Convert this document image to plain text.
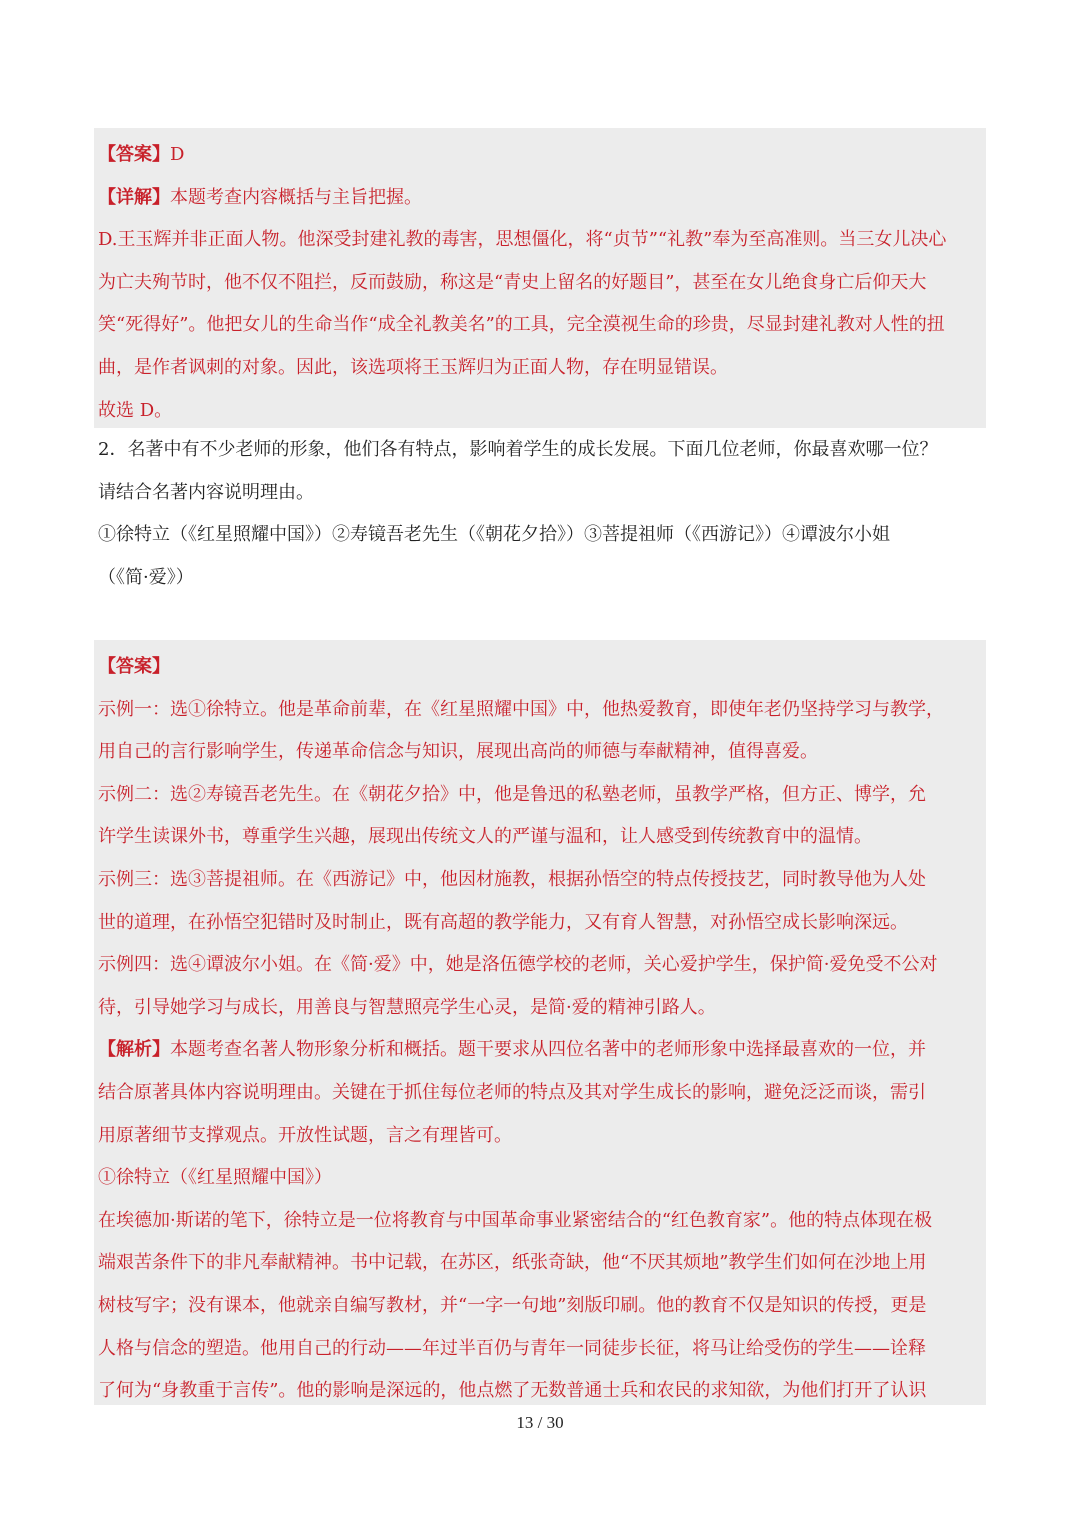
【答案】D
【详解】本题考查内容概括与主旨把握。
D.王玉辉并非正面人物。他深受封建礼教的毒害，思想僵化，将“贞节”“礼教”奉为至高准则。当三女儿决心
为亡夫殉节时，他不仅不阻拦，反而鼓励，称这是“青史上留名的好题目”，甚至在女儿绝食身亡后仰天大
笑“死得好”。他把女儿的生命当作“成全礼教美名”的工具，完全漠视生命的珍贵，尽显封建礼教对人性的扭
曲，是作者讽刺的对象。因此，该选项将王玉辉归为正面人物，存在明显错误。
故选 D。
2．名著中有不少老师的形象，他们各有特点，影响着学生的成长发展。下面几位老师，你最喜欢哪一位？
请结合名著内容说明理由。
①徐特立（《红星照耀中国》）②寿镜吾老先生（《朝花夕拾》）③菩提祖师（《西游记》）④谭波尔小姐
（《简·爱》）
【答案】
示例一：选①徐特立。他是革命前辈，在《红星照耀中国》中，他热爱教育，即使年老仍坚持学习与教学，
用自己的言行影响学生，传递革命信念与知识，展现出高尚的师德与奉献精神，值得喜爱。
示例二：选②寿镜吾老先生。在《朝花夕拾》中，他是鲁迅的私塾老师，虽教学严格，但方正、博学，允
许学生读课外书，尊重学生兴趣，展现出传统文人的严谨与温和，让人感受到传统教育中的温情。
示例三：选③菩提祖师。在《西游记》中，他因材施教，根据孙悟空的特点传授技艺，同时教导他为人处
世的道理，在孙悟空犯错时及时制止，既有高超的教学能力，又有育人智慧，对孙悟空成长影响深远。
示例四：选④谭波尔小姐。在《简·爱》中，她是洛伍德学校的老师，关心爱护学生，保护简·爱免受不公对
待，引导她学习与成长，用善良与智慧照亮学生心灵，是简·爱的精神引路人。
【解析】本题考查名著人物形象分析和概括。题干要求从四位名著中的老师形象中选择最喜欢的一位，并
结合原著具体内容说明理由。关键在于抓住每位老师的特点及其对学生成长的影响，避免泛泛而谈，需引
用原著细节支撑观点。开放性试题，言之有理皆可。
①徐特立（《红星照耀中国》）
在埃德加·斯诺的笔下，徐特立是一位将教育与中国革命事业紧密结合的“红色教育家”。他的特点体现在极
端艰苦条件下的非凡奉献精神。书中记载，在苏区，纸张奇缺，他“不厌其烦地”教学生们如何在沙地上用
树枝写字；没有课本，他就亲自编写教材，并“一字一句地”刻版印刷。他的教育不仅是知识的传授，更是
人格与信念的塑造。他用自己的行动——年过半百仍与青年一同徒步长征，将马让给受伤的学生——诠释
了何为“身教重于言传”。他的影响是深远的，他点燃了无数普通士兵和农民的求知欲，为他们打开了认识
13 / 30
